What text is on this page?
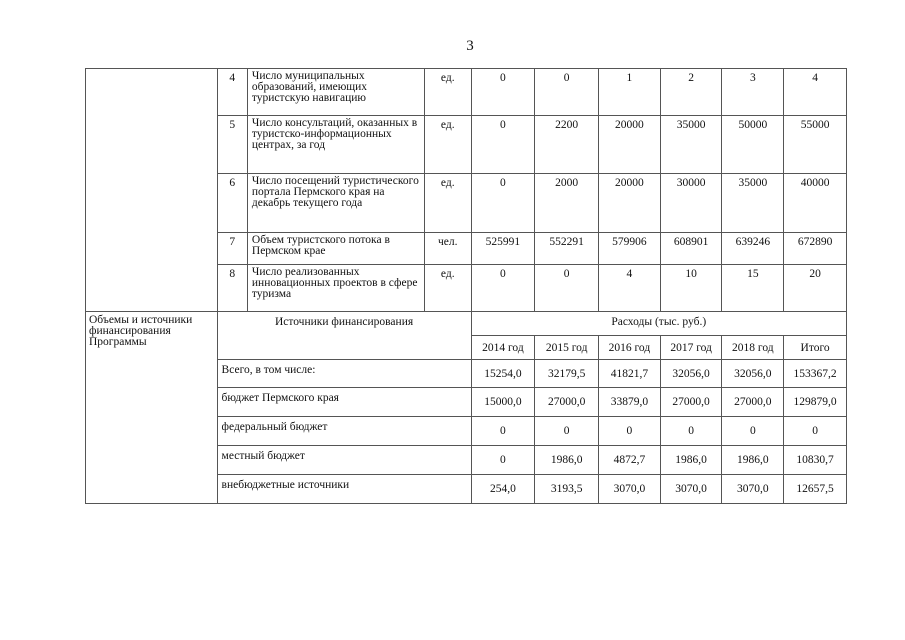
3
	4	Число муниципальных образований, имеющих туристскую навигацию	ед.	0	0	1	2	3	4
	5	Число консультаций, оказанных в туристско-информационных центрах, за год	ед.	0	2200	20000	35000	50000	55000
	6	Число посещений туристического портала Пермского края на декабрь текущего года	ед.	0	2000	20000	30000	35000	40000
	7	Объем туристского потока в Пермском крае	чел.	525991	552291	579906	608901	639246	672890
	8	Число реализованных инновационных проектов в сфере туризма	ед.	0	0	4	10	15	20
Объемы и источники финансирования Программы	Источники финансирования			Расходы (тыс. руб.)					
				2014 год	2015 год	2016 год	2017 год	2018 год	Итого
	Всего, в том числе:			15254,0	32179,5	41821,7	32056,0	32056,0	153367,2
	бюджет Пермского края			15000,0	27000,0	33879,0	27000,0	27000,0	129879,0
	федеральный бюджет			0	0	0	0	0	0
	местный бюджет			0	1986,0	4872,7	1986,0	1986,0	10830,7
	внебюджетные источники			254,0	3193,5	3070,0	3070,0	3070,0	12657,5
